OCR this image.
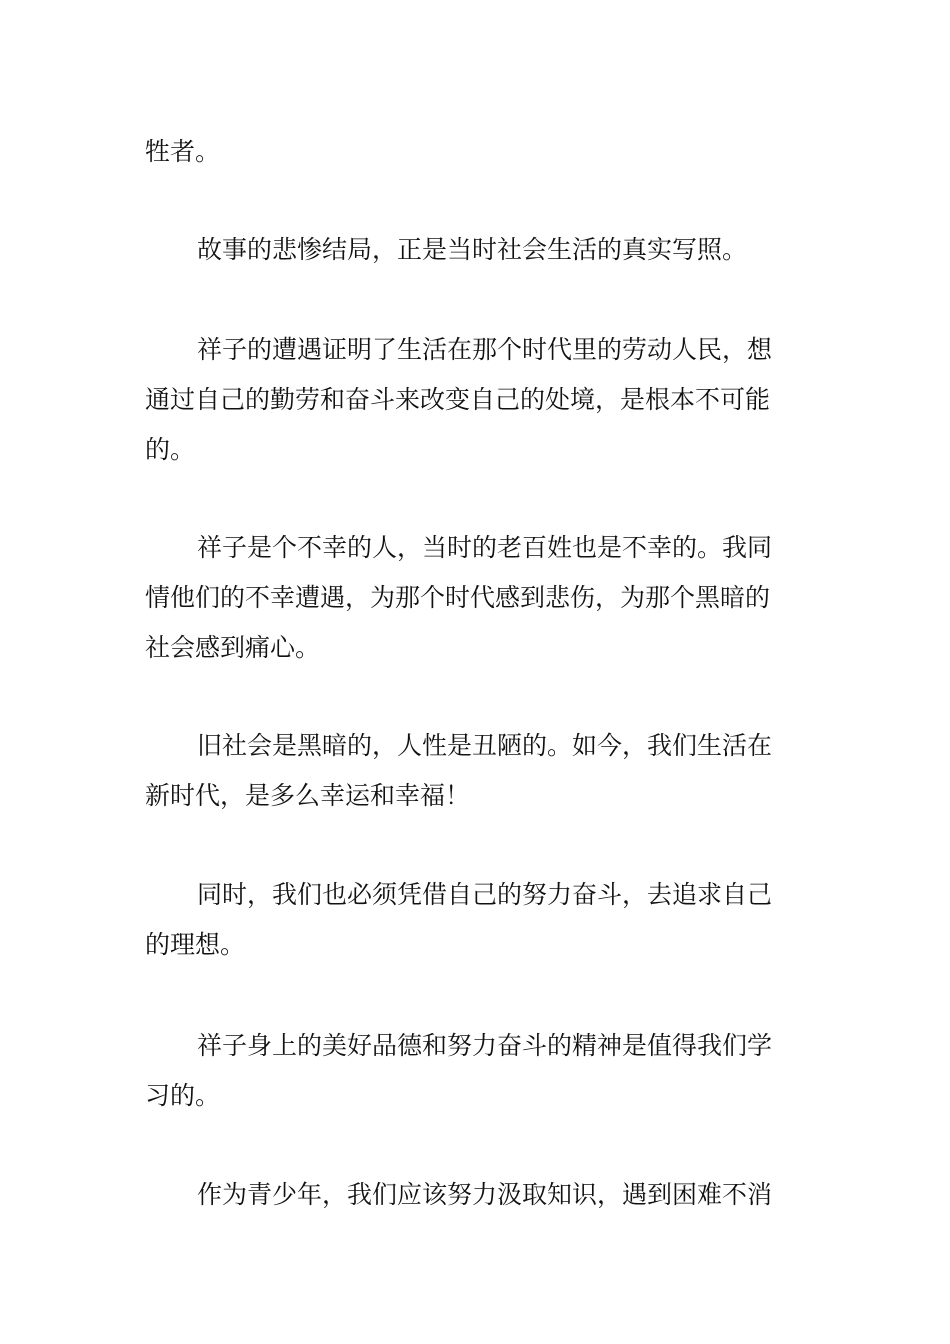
牲者。

故事的悲惨结局，正是当时社会生活的真实写照。

祥子的遭遇证明了生活在那个时代里的劳动人民，想
通过自己的勤劳和奋斗来改变自己的处境，是根本不可能
的。

祥子是个不幸的人，当时的老百姓也是不幸的。我同
情他们的不幸遭遇，为那个时代感到悲伤，为那个黑暗的
社会感到痛心。

旧社会是黑暗的，人性是丑陋的。如今，我们生活在
新时代，是多么幸运和幸福！

同时，我们也必须凭借自己的努力奋斗，去追求自己
的理想。

祥子身上的美好品德和努力奋斗的精神是值得我们学
习的。

作为青少年，我们应该努力汲取知识，遇到困难不消
